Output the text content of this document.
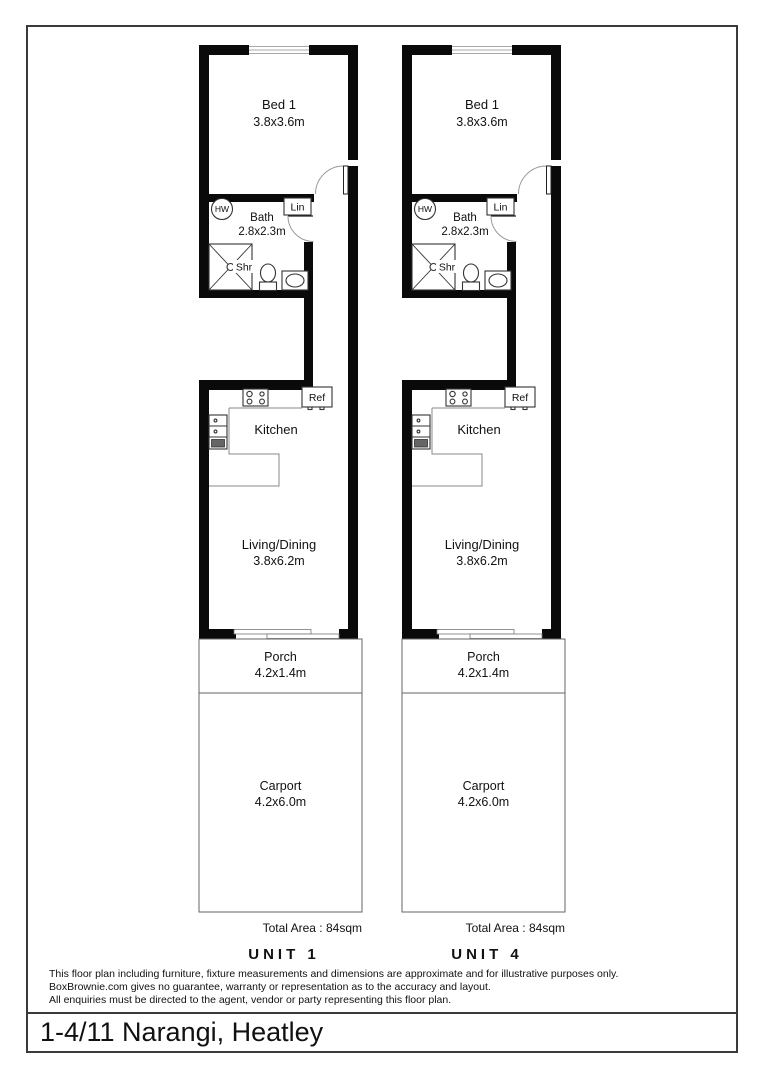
Bed 1
3.8x3.6m
HW	Lin
Bath
2.8x2.3m
Shr
Ref
Kitchen
Living/Dining
3.8x6.2m
Porch
4.2x1.4m
Carport
4.2x6.0m
Total Area : 84sqm
UNIT 1
Bed 1
3.8x3.6m
HW	Lin
Bath
2.8x2.3m
Shr
Ref
Kitchen
Living/Dining
3.8x6.2m
Porch
4.2x1.4m
Carport
4.2x6.0m
Total Area : 84sqm
UNIT 4
This floor plan including furniture, fixture measurements and dimensions are approximate and for illustrative purposes only.
BoxBrownie.com gives no guarantee, warranty or representation as to the accuracy and layout.
All enquiries must be directed to the agent, vendor or party representing this floor plan.
1-4/11 Narangi, Heatley
